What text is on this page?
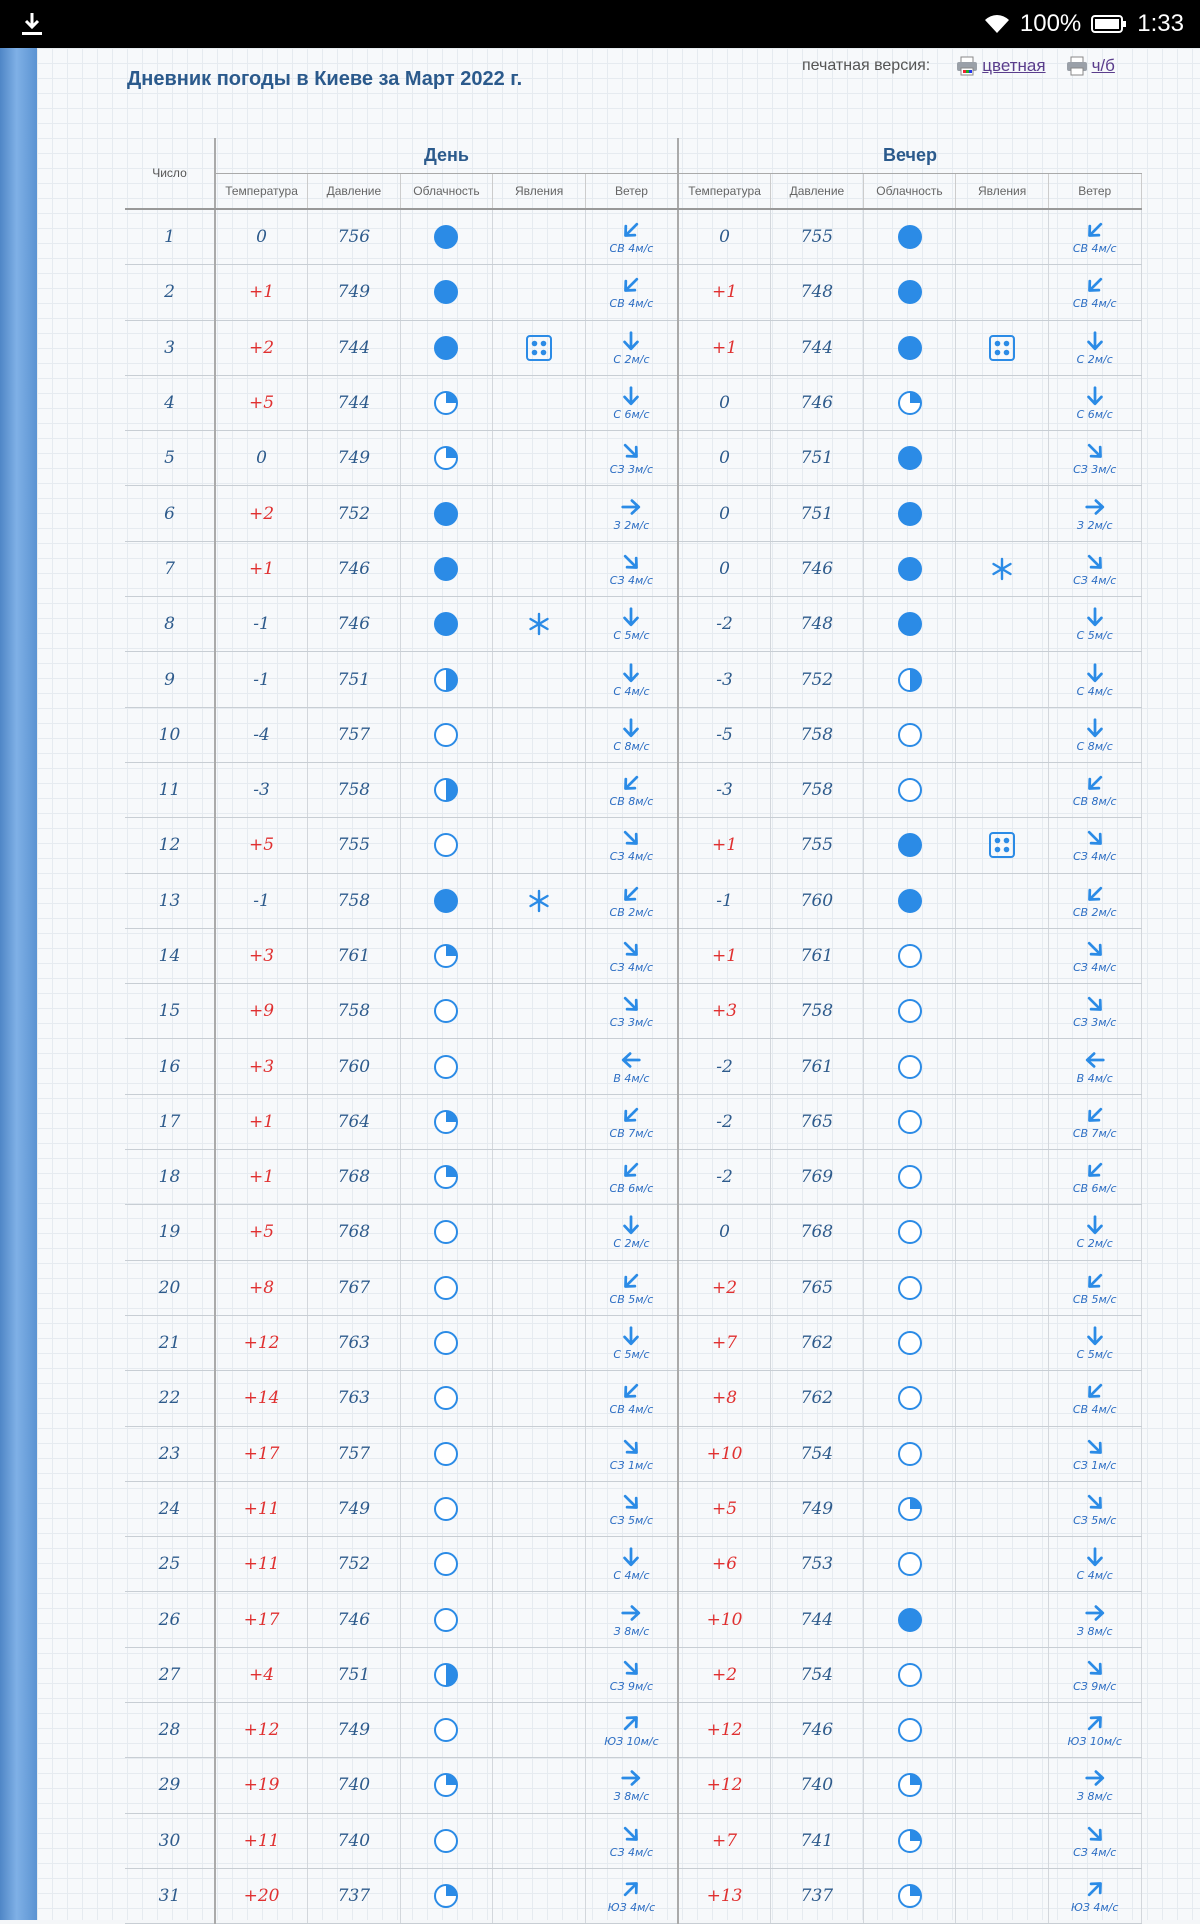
100% 1:33
Дневник погоды в Киеве за Март 2022 г.
печатная версия:	цветная	ч/б
Число	День					Вечер				
	Температура	Давление	Облачность	Явления	Ветер	Температура	Давление	Облачность	Явления	Ветер
1	0	756			СВ 4м/с	0	755			СВ 4м/с

2	+1	749			СВ 4м/с	+1	748			СВ 4м/с

3	+2	744			С 2м/с	+1	744			С 2м/с

4	+5	744			С 6м/с	0	746			С 6м/с

5	0	749			СЗ 3м/с	0	751			СЗ 3м/с

6	+2	752			З 2м/с	0	751			З 2м/с

7	+1	746			СЗ 4м/с	0	746			СЗ 4м/с

8	-1	746			С 5м/с	-2	748			С 5м/с

9	-1	751			С 4м/с	-3	752			С 4м/с

10	-4	757			С 8м/с	-5	758			С 8м/с

11	-3	758			СВ 8м/с	-3	758			СВ 8м/с

12	+5	755			СЗ 4м/с	+1	755			СЗ 4м/с

13	-1	758			СВ 2м/с	-1	760			СВ 2м/с

14	+3	761			СЗ 4м/с	+1	761			СЗ 4м/с

15	+9	758			СЗ 3м/с	+3	758			СЗ 3м/с

16	+3	760			В 4м/с	-2	761			В 4м/с

17	+1	764			СВ 7м/с	-2	765			СВ 7м/с

18	+1	768			СВ 6м/с	-2	769			СВ 6м/с

19	+5	768			С 2м/с	0	768			С 2м/с

20	+8	767			СВ 5м/с	+2	765			СВ 5м/с

21	+12	763			С 5м/с	+7	762			С 5м/с

22	+14	763			СВ 4м/с	+8	762			СВ 4м/с

23	+17	757			СЗ 1м/с	+10	754			СЗ 1м/с

24	+11	749			СЗ 5м/с	+5	749			СЗ 5м/с

25	+11	752			С 4м/с	+6	753			С 4м/с

26	+17	746			З 8м/с	+10	744			З 8м/с

27	+4	751			СЗ 9м/с	+2	754			СЗ 9м/с

28	+12	749			ЮЗ 10м/с	+12	746			ЮЗ 10м/с

29	+19	740			З 8м/с	+12	740			З 8м/с

30	+11	740			СЗ 4м/с	+7	741			СЗ 4м/с

31	+20	737			ЮЗ 4м/с	+13	737			ЮЗ 4м/с
